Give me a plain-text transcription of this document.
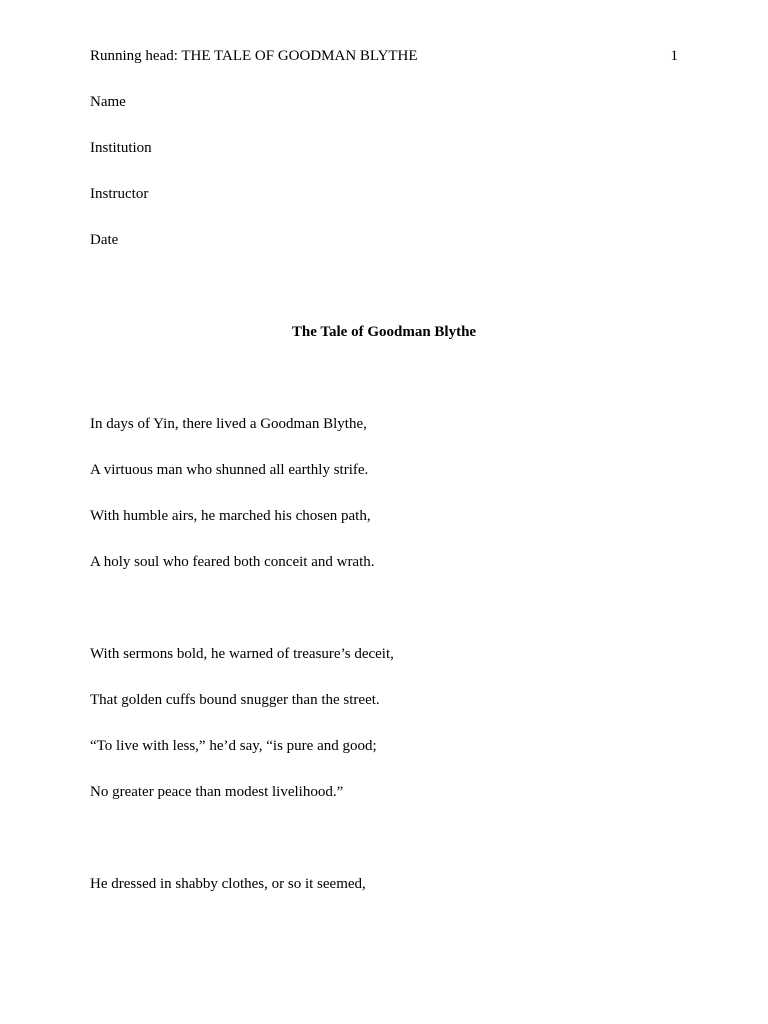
Running head: THE TALE OF GOODMAN BLYTHE	1
Name
Institution
Instructor
Date
The Tale of Goodman Blythe
In days of Yin, there lived a Goodman Blythe,
A virtuous man who shunned all earthly strife.
With humble airs, he marched his chosen path,
A holy soul who feared both conceit and wrath.
With sermons bold, he warned of treasure’s deceit,
That golden cuffs bound snugger than the street.
“To live with less,” he’d say, “is pure and good;
No greater peace than modest livelihood.”
He dressed in shabby clothes, or so it seemed,
